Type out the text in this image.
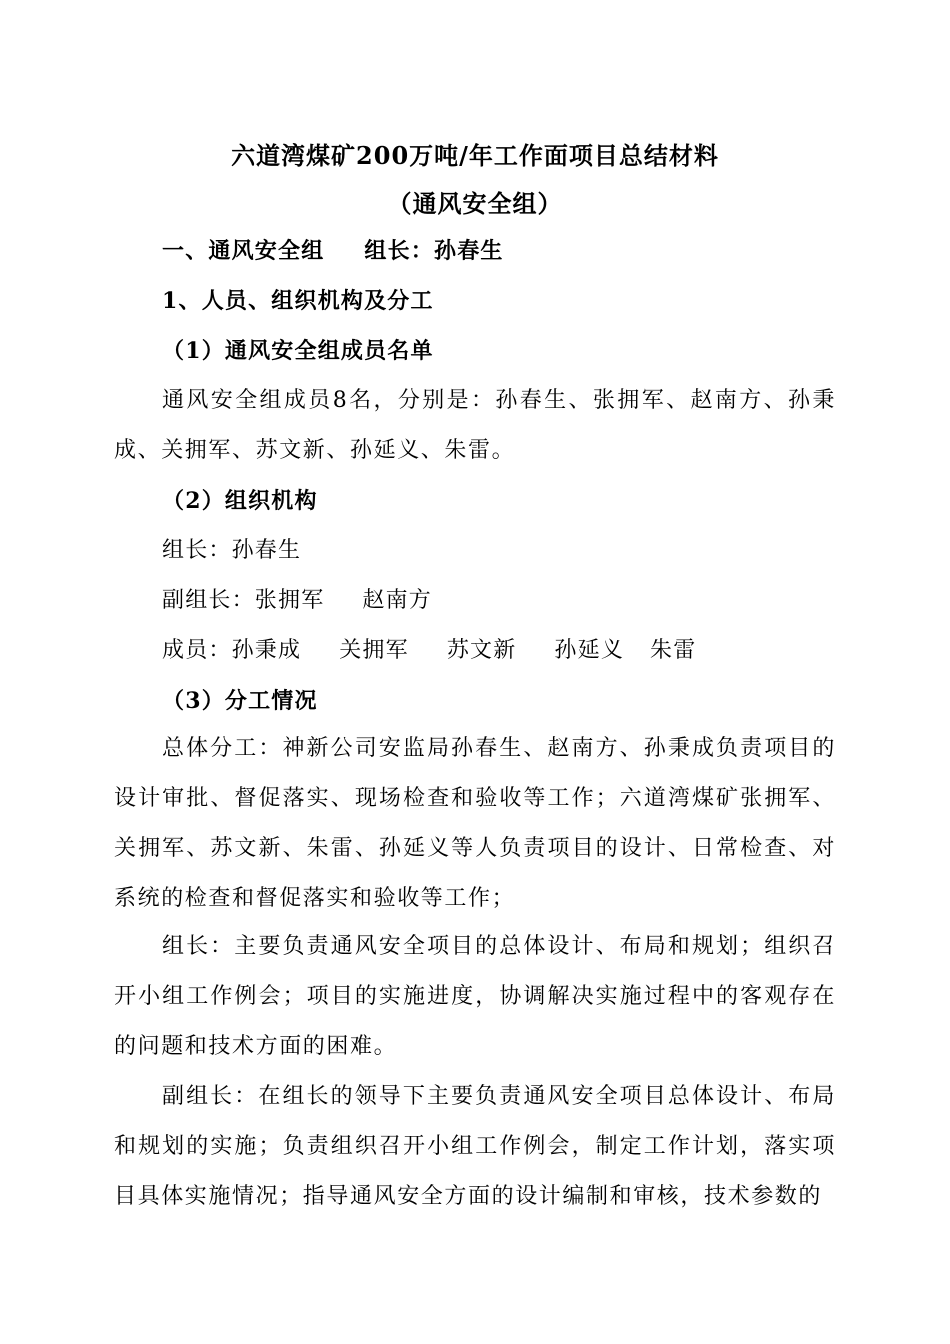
六道湾煤矿200万吨/年工作面项目总结材料
（通风安全组）
一、通风安全组 组长：孙春生
1、人员、组织机构及分工
（1）通风安全组成员名单
通风安全组成员8名，分别是：孙春生、张拥军、赵南方、孙秉成、关拥军、苏文新、孙延义、朱雷。
（2）组织机构
组长：孙春生
副组长：张拥军 赵南方
成员：孙秉成 关拥军 苏文新 孙延义 朱雷
（3）分工情况
总体分工：神新公司安监局孙春生、赵南方、孙秉成负责项目的设计审批、督促落实、现场检查和验收等工作；六道湾煤矿张拥军、关拥军、苏文新、朱雷、孙延义等人负责项目的设计、日常检查、对系统的检查和督促落实和验收等工作；
组长：主要负责通风安全项目的总体设计、布局和规划；组织召开小组工作例会；项目的实施进度，协调解决实施过程中的客观存在的问题和技术方面的困难。
副组长：在组长的领导下主要负责通风安全项目总体设计、布局和规划的实施；负责组织召开小组工作例会，制定工作计划，落实项目具体实施情况；指导通风安全方面的设计编制和审核，技术参数的
